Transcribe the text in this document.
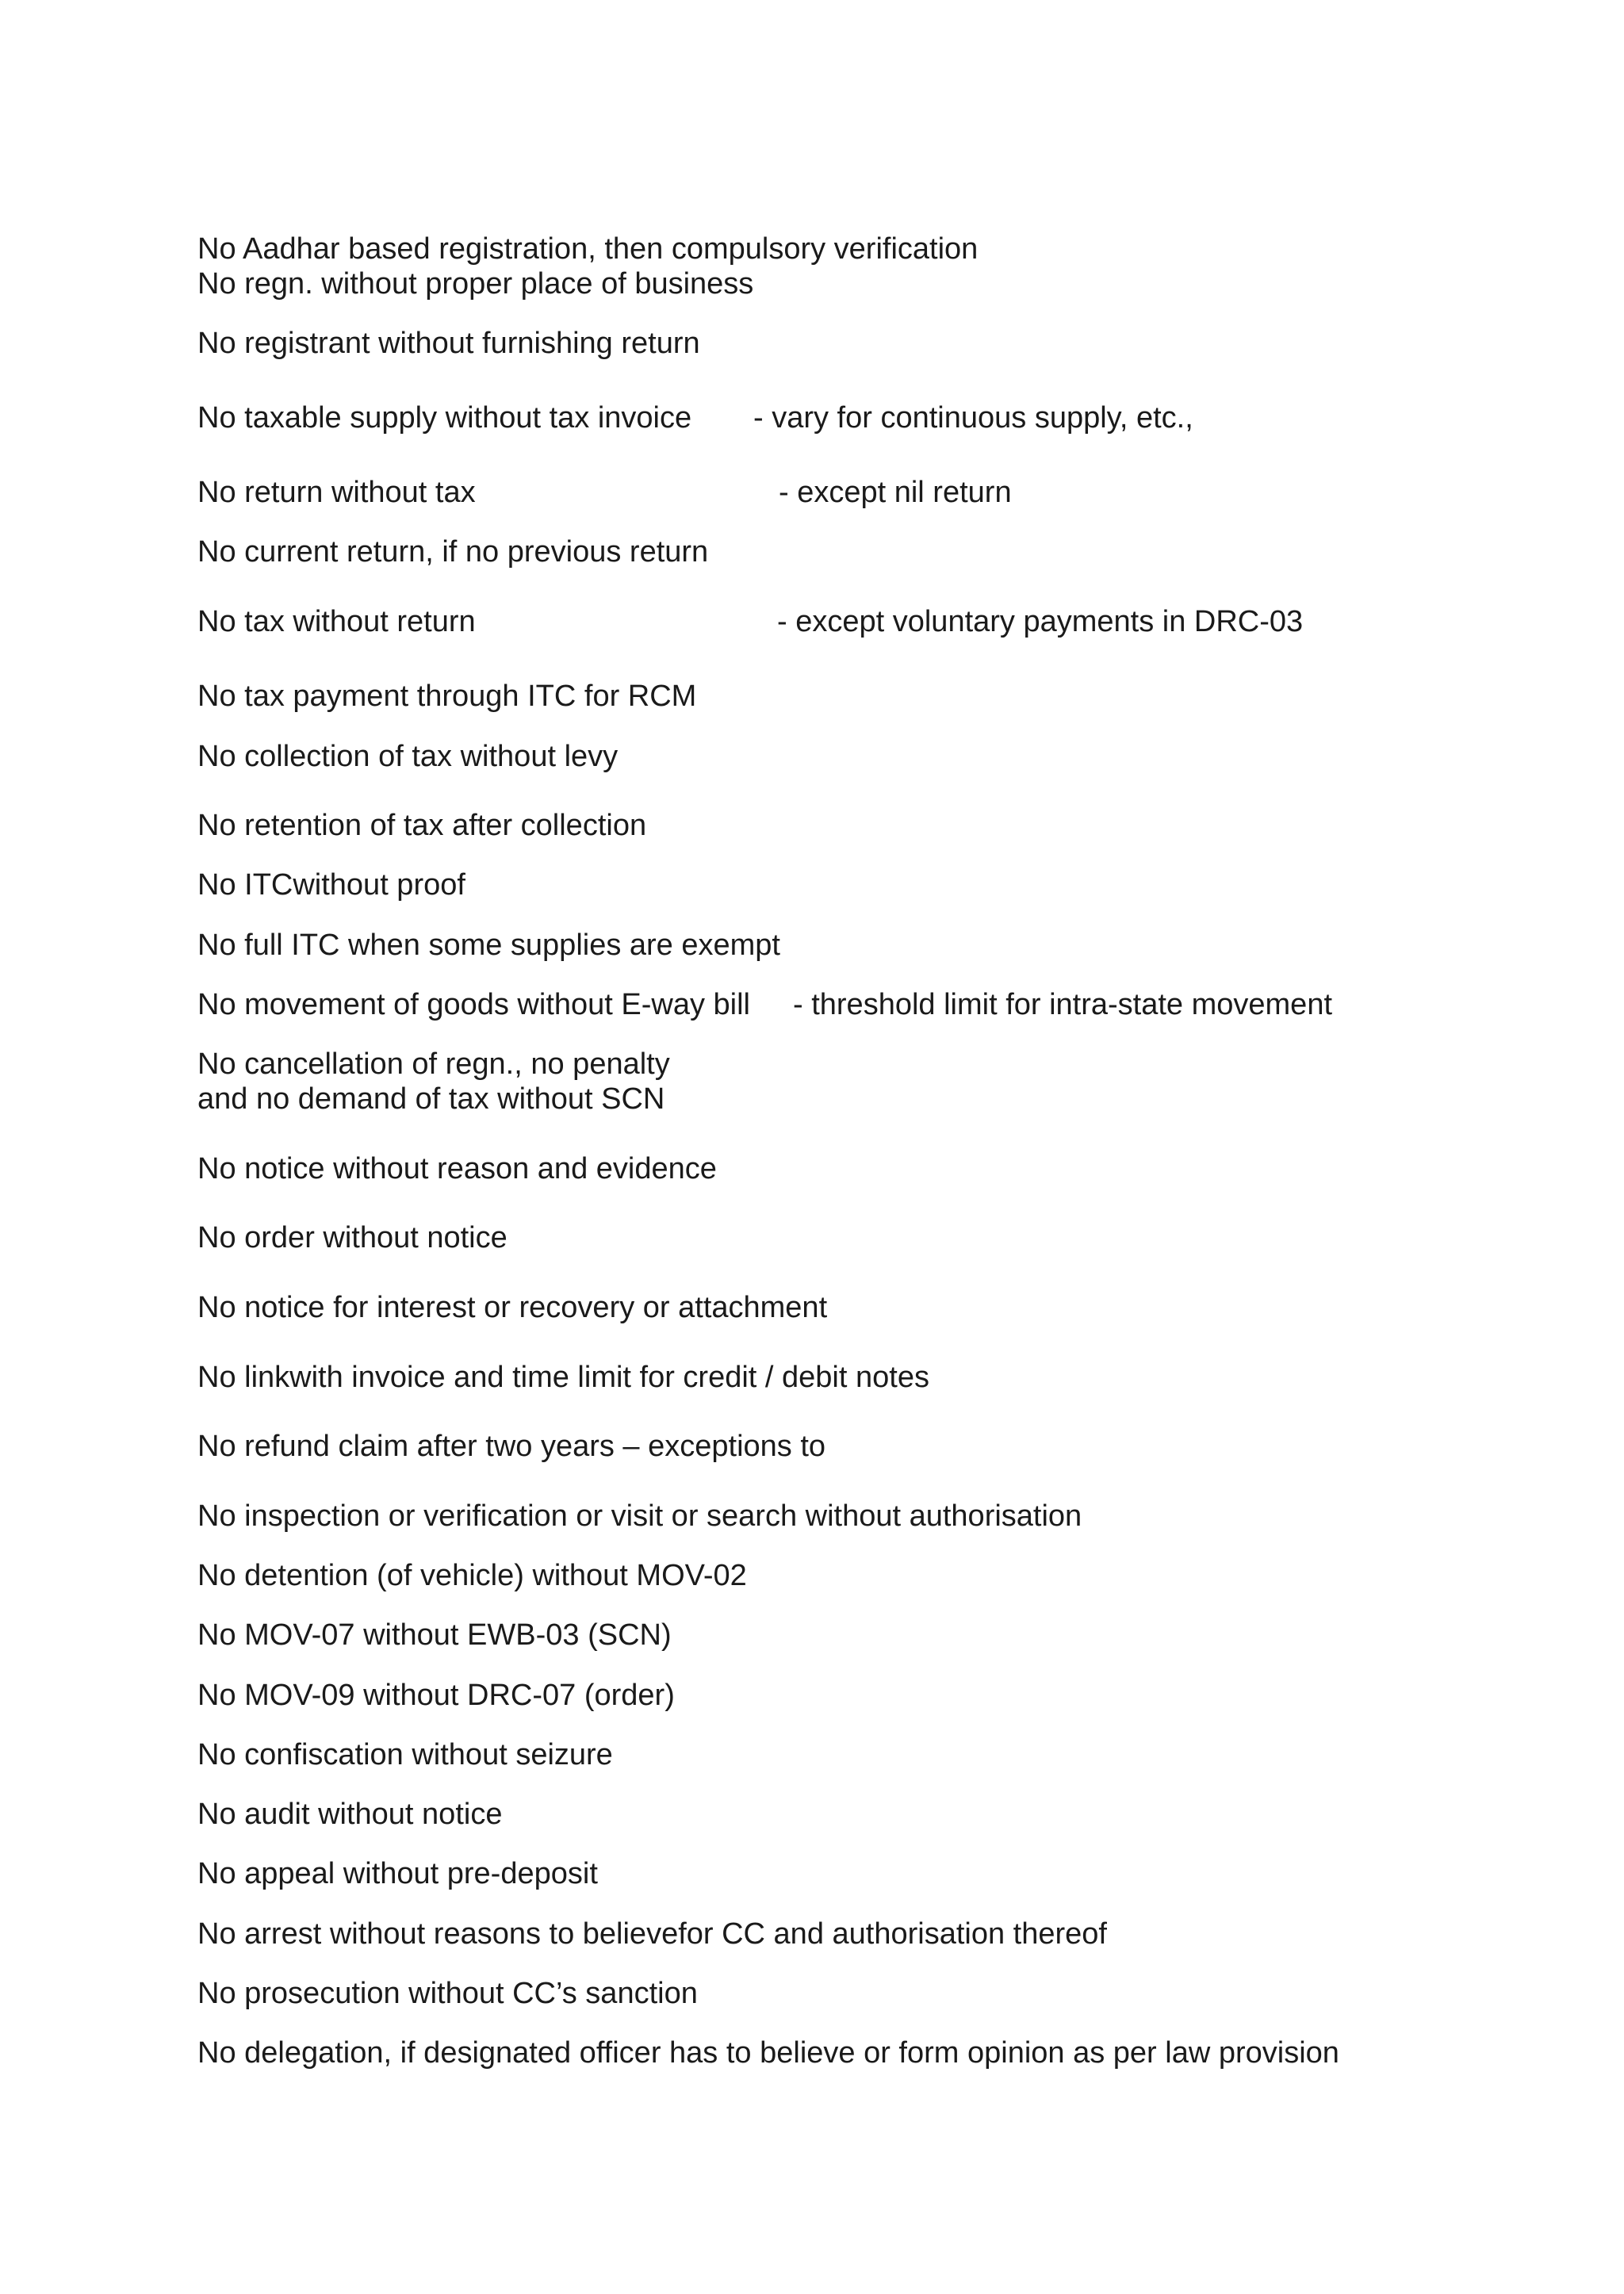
No Aadhar based registration, then compulsory verification
No regn. without proper place of business
No registrant without furnishing return
No taxable supply without tax invoice - vary for continuous supply, etc.,
No return without tax	- except nil return
No current return, if no previous return
No tax without return	- except voluntary payments in DRC-03
No tax payment through ITC for RCM
No collection of tax without levy
No retention of tax after collection
No ITCwithout proof
No full ITC when some supplies are exempt
No movement of goods without E-way bill - threshold limit for intra-state movement
No cancellation of regn., no penalty
and no demand of tax without SCN
No notice without reason and evidence
No order without notice
No notice for interest or recovery or attachment
No linkwith invoice and time limit for credit / debit notes
No refund claim after two years – exceptions to
No inspection or verification or visit or search without authorisation
No detention (of vehicle) without MOV-02
No MOV-07 without EWB-03 (SCN)
No MOV-09 without DRC-07 (order)
No confiscation without seizure
No audit without notice
No appeal without pre-deposit
No arrest without reasons to believefor CC and authorisation thereof
No prosecution without CC’s sanction
No delegation, if designated officer has to believe or form opinion as per law provision
